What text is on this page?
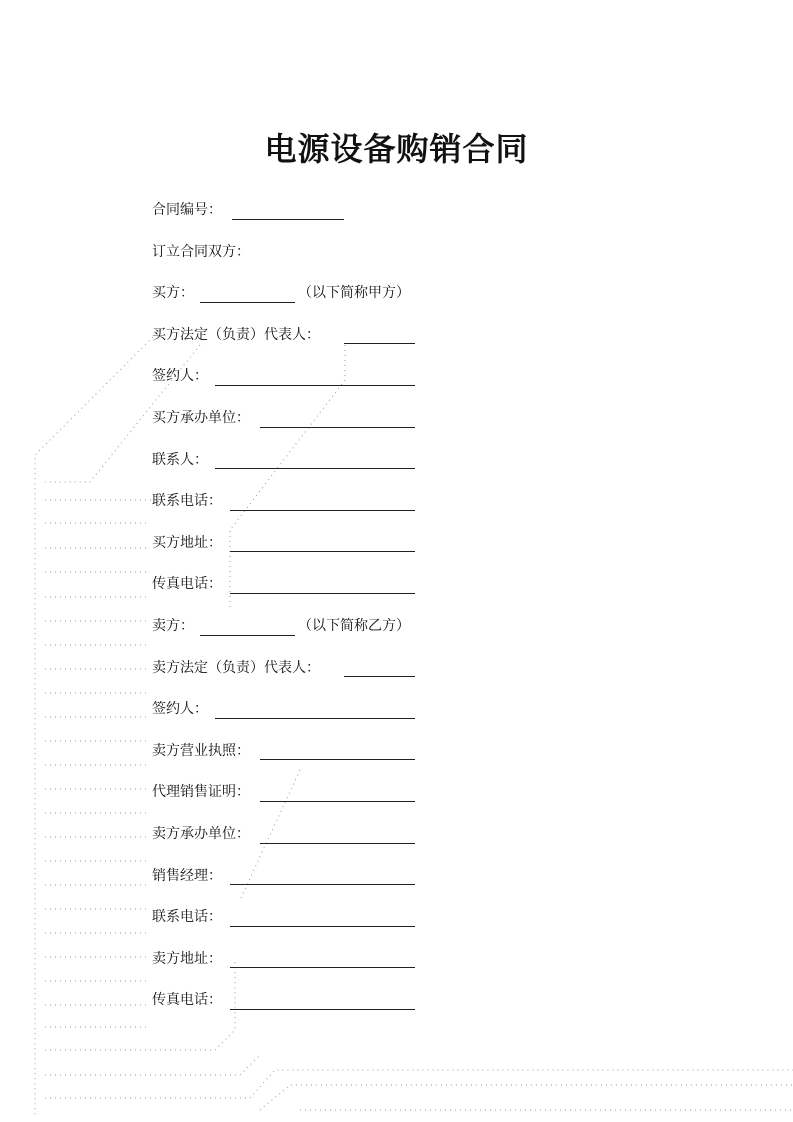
电源设备购销合同
合同编号：
订立合同双方：
买方：	（以下简称甲方）
买方法定（负责）代表人：
签约人：
买方承办单位：
联系人：
联系电话：
买方地址：
传真电话：
卖方：	（以下简称乙方）
卖方法定（负责）代表人：
签约人：
卖方营业执照：
代理销售证明：
卖方承办单位：
销售经理：
联系电话：
卖方地址：
传真电话：
